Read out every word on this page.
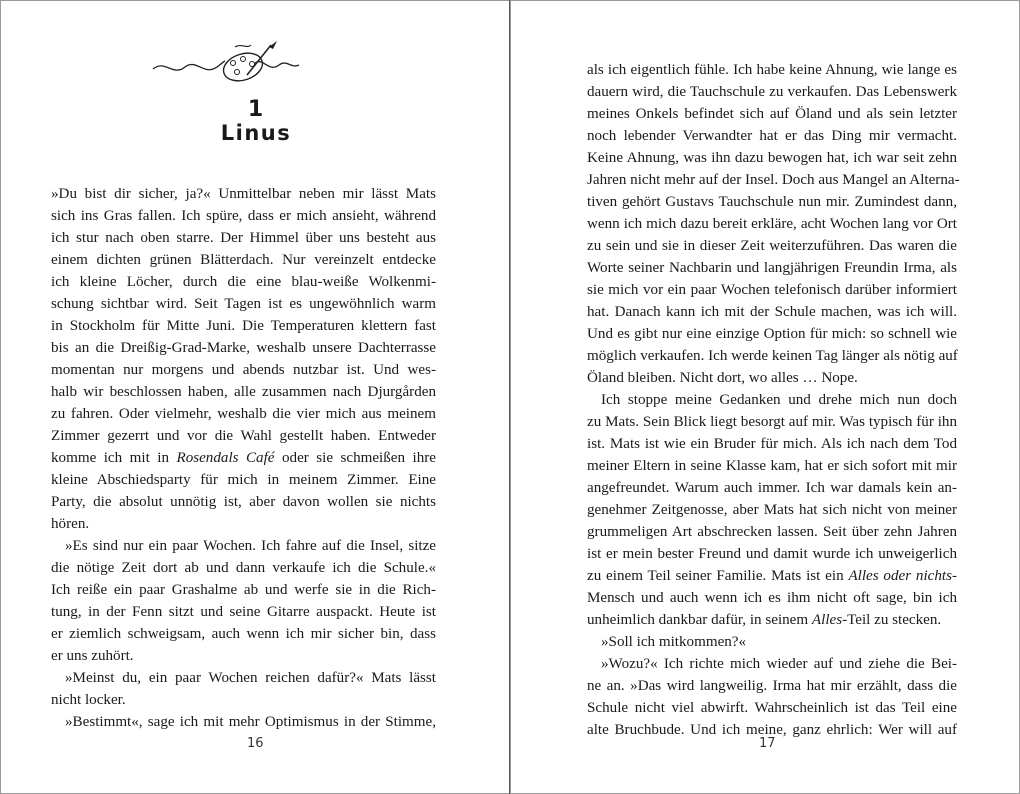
1
Linus
»Du bist dir sicher, ja?« Unmittelbar neben mir lässt Mats
sich ins Gras fallen. Ich spüre, dass er mich ansieht, während
ich stur nach oben starre. Der Himmel über uns besteht aus
einem dichten grünen Blätterdach. Nur vereinzelt entdecke
ich kleine Löcher, durch die eine blau-weiße Wolkenmi-
schung sichtbar wird. Seit Tagen ist es ungewöhnlich warm
in Stockholm für Mitte Juni. Die Temperaturen klettern fast
bis an die Dreißig-Grad-Marke, weshalb unsere Dachterrasse
momentan nur morgens und abends nutzbar ist. Und wes-
halb wir beschlossen haben, alle zusammen nach Djurgården
zu fahren. Oder vielmehr, weshalb die vier mich aus meinem
Zimmer gezerrt und vor die Wahl gestellt haben. Entweder
komme ich mit in Rosendals Café oder sie schmeißen ihre
kleine Abschiedsparty für mich in meinem Zimmer. Eine
Party, die absolut unnötig ist, aber davon wollen sie nichts
hören.
»Es sind nur ein paar Wochen. Ich fahre auf die Insel, sitze
die nötige Zeit dort ab und dann verkaufe ich die Schule.«
Ich reiße ein paar Grashalme ab und werfe sie in die Rich-
tung, in der Fenn sitzt und seine Gitarre auspackt. Heute ist
er ziemlich schweigsam, auch wenn ich mir sicher bin, dass
er uns zuhört.
»Meinst du, ein paar Wochen reichen dafür?« Mats lässt
nicht locker.
»Bestimmt«, sage ich mit mehr Optimismus in der Stimme,
16
als ich eigentlich fühle. Ich habe keine Ahnung, wie lange es
dauern wird, die Tauchschule zu verkaufen. Das Lebenswerk
meines Onkels befindet sich auf Öland und als sein letzter
noch lebender Verwandter hat er das Ding mir vermacht.
Keine Ahnung, was ihn dazu bewogen hat, ich war seit zehn
Jahren nicht mehr auf der Insel. Doch aus Mangel an Alterna-
tiven gehört Gustavs Tauchschule nun mir. Zumindest dann,
wenn ich mich dazu bereit erkläre, acht Wochen lang vor Ort
zu sein und sie in dieser Zeit weiterzuführen. Das waren die
Worte seiner Nachbarin und langjährigen Freundin Irma, als
sie mich vor ein paar Wochen telefonisch darüber informiert
hat. Danach kann ich mit der Schule machen, was ich will.
Und es gibt nur eine einzige Option für mich: so schnell wie
möglich verkaufen. Ich werde keinen Tag länger als nötig auf
Öland bleiben. Nicht dort, wo alles … Nope.
Ich stoppe meine Gedanken und drehe mich nun doch
zu Mats. Sein Blick liegt besorgt auf mir. Was typisch für ihn
ist. Mats ist wie ein Bruder für mich. Als ich nach dem Tod
meiner Eltern in seine Klasse kam, hat er sich sofort mit mir
angefreundet. Warum auch immer. Ich war damals kein an-
genehmer Zeitgenosse, aber Mats hat sich nicht von meiner
grummeligen Art abschrecken lassen. Seit über zehn Jahren
ist er mein bester Freund und damit wurde ich unweigerlich
zu einem Teil seiner Familie. Mats ist ein Alles oder nichts-
Mensch und auch wenn ich es ihm nicht oft sage, bin ich
unheimlich dankbar dafür, in seinem Alles-Teil zu stecken.
»Soll ich mitkommen?«
»Wozu?« Ich richte mich wieder auf und ziehe die Bei-
ne an. »Das wird langweilig. Irma hat mir erzählt, dass die
Schule nicht viel abwirft. Wahrscheinlich ist das Teil eine
alte Bruchbude. Und ich meine, ganz ehrlich: Wer will auf
17
